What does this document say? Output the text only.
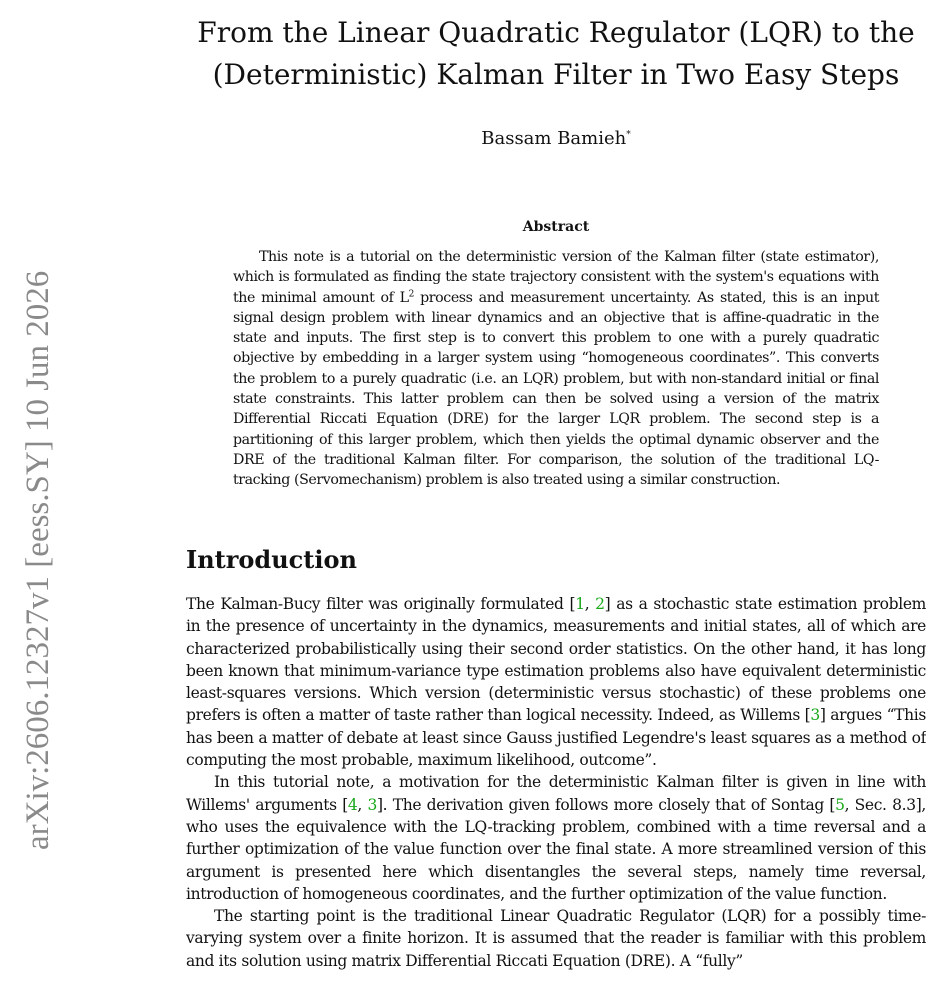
arXiv:2606.12327v1 [eess.SY] 10 Jun 2026
From the Linear Quadratic Regulator (LQR) to the (Deterministic) Kalman Filter in Two Easy Steps
Bassam Bamieh*
Abstract
This note is a tutorial on the deterministic version of the Kalman filter (state estimator), which is formulated as finding the state trajectory consistent with the system's equations with the minimal amount of $L^2$ process and measurement uncertainty. As stated, this is an input signal design problem with linear dynamics and an objective that is affine-quadratic in the state and inputs. The first step is to convert this problem to one with a purely quadratic objective by embedding in a larger system using “homogeneous coordinates”. This converts the problem to a purely quadratic (i.e. an LQR) problem, but with non-standard initial or final state constraints. This latter problem can then be solved using a version of the matrix Differential Riccati Equation (DRE) for the larger LQR problem. The second step is a partitioning of this larger problem, which then yields the optimal dynamic observer and the DRE of the traditional Kalman filter. For comparison, the solution of the traditional LQ-tracking (Servomechanism) problem is also treated using a similar construction.
Introduction

The Kalman-Bucy filter was originally formulated [1, 2] as a stochastic state estimation problem in the presence of uncertainty in the dynamics, measurements and initial states, all of which are characterized probabilistically using their second order statistics. On the other hand, it has long been known that minimum-variance type estimation problems also have equivalent deterministic least-squares versions. Which version (deterministic versus stochastic) of these problems one prefers is often a matter of taste rather than logical necessity. Indeed, as Willems [3] argues “This has been a matter of debate at least since Gauss justified Legendre's least squares as a method of computing the most probable, maximum likelihood, outcome”.

In this tutorial note, a motivation for the deterministic Kalman filter is given in line with Willems' arguments [4, 3]. The derivation given follows more closely that of Sontag [5, Sec. 8.3], who uses the equivalence with the LQ-tracking problem, combined with a time reversal and a further optimization of the value function over the final state. A more streamlined version of this argument is presented here which disentangles the several steps, namely time reversal, introduction of homogeneous coordinates, and the further optimization of the value function.

The starting point is the traditional Linear Quadratic Regulator (LQR) for a possibly time-varying system over a finite horizon. It is assumed that the reader is familiar with this problem and its solution using matrix Differential Riccati Equation (DRE). A “fully”
